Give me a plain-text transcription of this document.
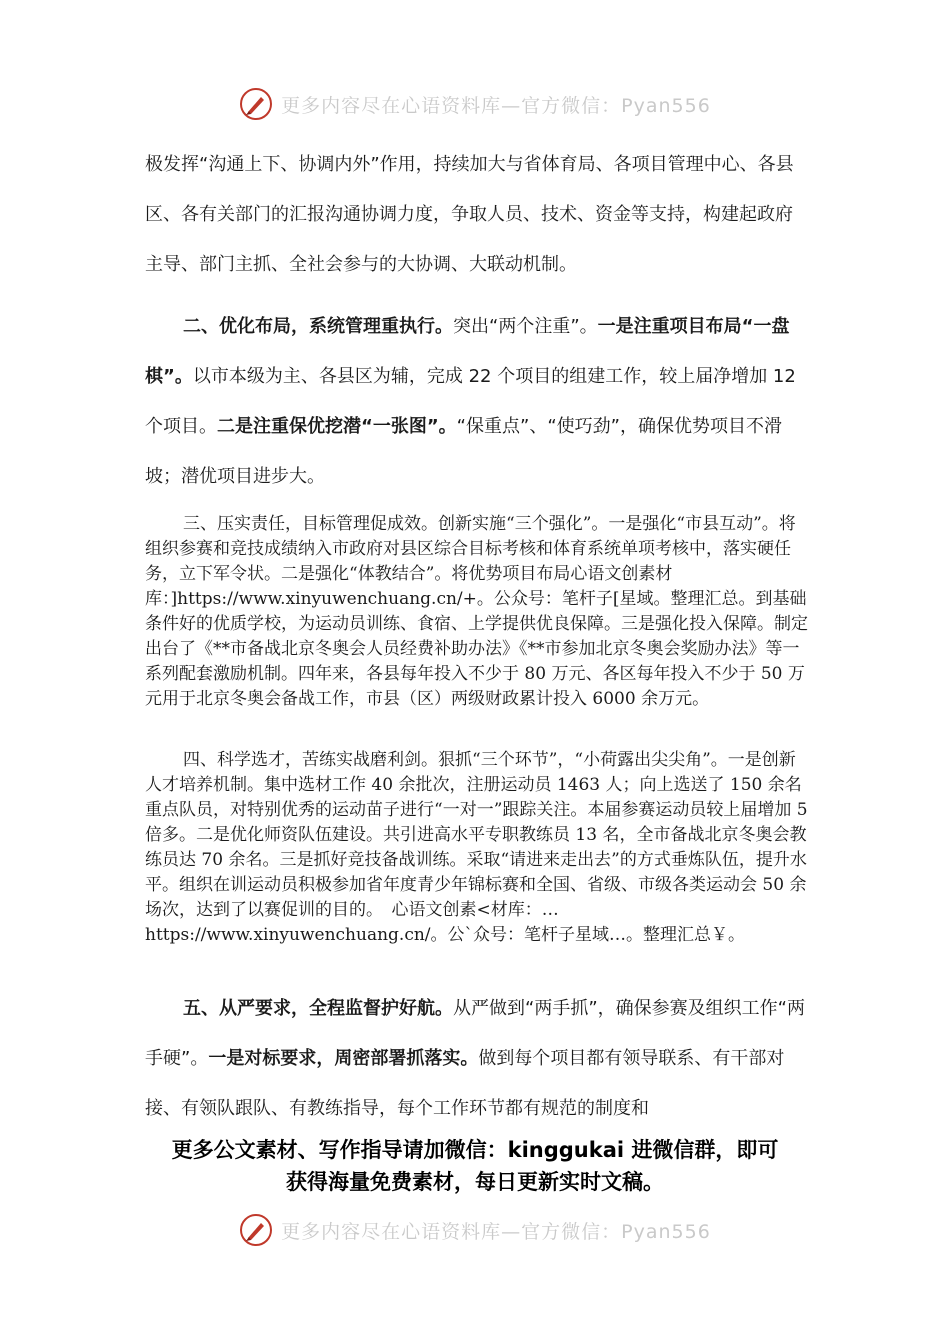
更多内容尽在心语资料库—官方微信：Pyan556

极发挥“沟通上下、协调内外”作用，持续加大与省体育局、各项目管理中心、各县区、各有关部门的汇报沟通协调力度，争取人员、技术、资金等支持，构建起政府主导、部门主抓、全社会参与的大协调、大联动机制。

二、优化布局，系统管理重执行。突出“两个注重”。一是注重项目布局“一盘棋”。以市本级为主、各县区为辅，完成 22 个项目的组建工作，较上届净增加 12 个项目。二是注重保优挖潜“一张图”。“保重点”、“使巧劲”，确保优势项目不滑坡；潜优项目进步大。

三、压实责任，目标管理促成效。创新实施“三个强化”。一是强化“市县互动”。将组织参赛和竞技成绩纳入市政府对县区综合目标考核和体育系统单项考核中，落实硬任务，立下军令状。二是强化“体教结合”。将优势项目布局心语文创素材库：]https://www.xinyuwenchuang.cn/+。公众号：笔杆子[星域。整理汇总。到基础条件好的优质学校，为运动员训练、食宿、上学提供优良保障。三是强化投入保障。制定出台了《**市备战北京冬奥会人员经费补助办法》《**市参加北京冬奥会奖励办法》等一系列配套激励机制。四年来，各县每年投入不少于 80 万元、各区每年投入不少于 50 万元用于北京冬奥会备战工作，市县（区）两级财政累计投入 6000 余万元。

四、科学选才，苦练实战磨利剑。狠抓“三个环节”，“小荷露出尖尖角”。一是创新人才培养机制。集中选材工作 40 余批次，注册运动员 1463 人；向上选送了 150 余名重点队员，对特别优秀的运动苗子进行“一对一”跟踪关注。本届参赛运动员较上届增加 5 倍多。二是优化师资队伍建设。共引进高水平专职教练员 13 名，全市备战北京冬奥会教练员达 70 余名。三是抓好竞技备战训练。采取“请进来走出去”的方式垂炼队伍，提升水平。组织在训运动员积极参加省年度青少年锦标赛和全国、省级、市级各类运动会 50 余场次，达到了以赛促训的目的。　心语文创素<材库：…https://www.xinyuwenchuang.cn/。公`众号：笔杆子星域…。整理汇总￥。

五、从严要求，全程监督护好航。从严做到“两手抓”，确保参赛及组织工作“两手硬”。一是对标要求，周密部署抓落实。做到每个项目都有领导联系、有干部对接、有领队跟队、有教练指导，每个工作环节都有规范的制度和

更多公文素材、写作指导请加微信：kinggukai 进微信群，即可
获得海量免费素材，每日更新实时文稿。
更多内容尽在心语资料库—官方微信：Pyan556
